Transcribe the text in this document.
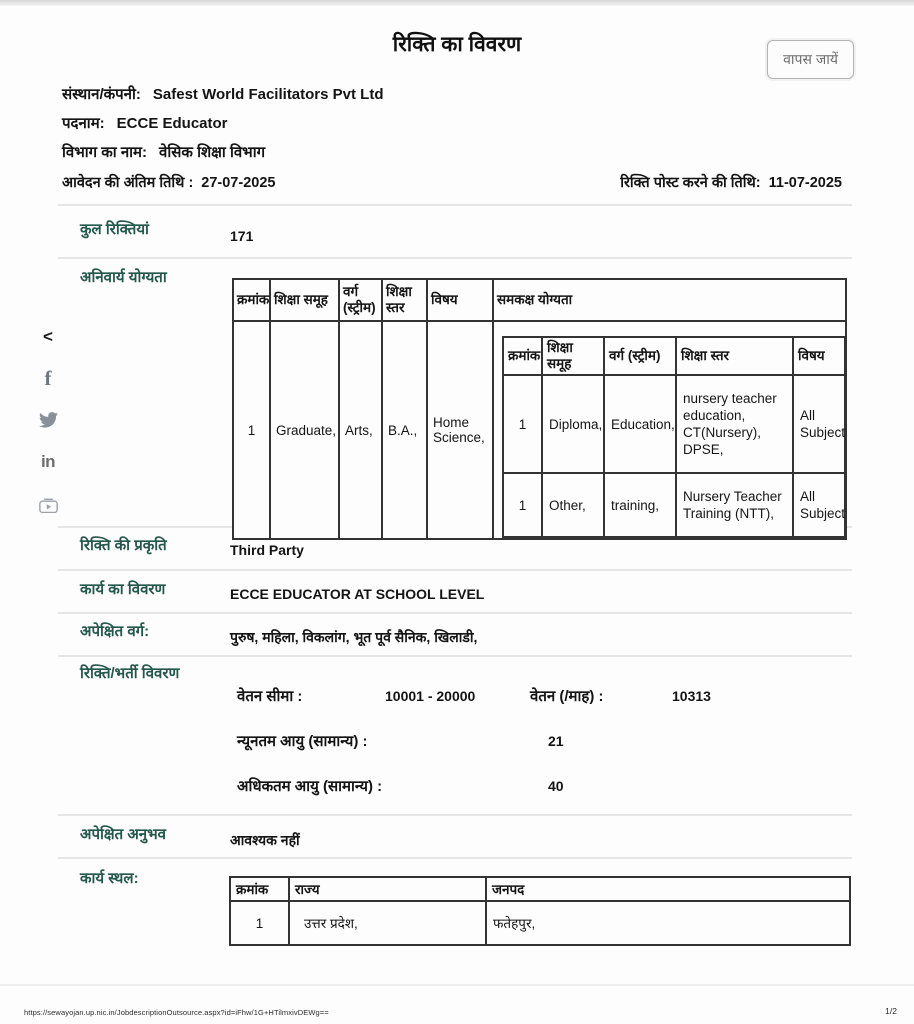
रिक्ति का विवरण
वापस जायें
संस्थान/कंपनी: Safest World Facilitators Pvt Ltd
पदनाम: ECCE Educator
विभाग का नाम: वेसिक शिक्षा विभाग
आवेदन की अंतिम तिथि : 27-07-2025	रिक्ति पोस्ट करने की तिथि: 11-07-2025
कुल रिक्तियां	171
अनिवार्य योग्यता
क्रमांक	शिक्षा समूह	वर्ग (स्ट्रीम)	शिक्षा स्तर	विषय	समकक्ष योग्यता
1	Graduate,	Arts,	B.A.,	Home Science,	
क्रमांक	शिक्षा समूह	वर्ग (स्ट्रीम)	शिक्षा स्तर	विषय
1	Diploma,	Education,	nursery teacher education, CT(Nursery), DPSE,	All Subject
1	Other,	training,	Nursery Teacher Training (NTT),	All Subject
रिक्ति की प्रकृति	Third Party
कार्य का विवरण	ECCE EDUCATOR AT SCHOOL LEVEL
अपेक्षित वर्ग:	पुरुष, महिला, विकलांग, भूत पूर्व सैनिक, खिलाडी,
रिक्ति/भर्ती विवरण
वेतन सीमा :	10001 - 20000	वेतन (/माह) :	10313
न्यूनतम आयु (सामान्य) :	21
अधिकतम आयु (सामान्य) :	40
अपेक्षित अनुभव	आवश्यक नहीं
कार्य स्थल:
क्रमांक	राज्य	जनपद
1	उत्तर प्रदेश,	फतेहपुर,
<
f
in
https://sewayojan.up.nic.in/JobdescriptionOutsource.aspx?id=iFhw/1G+HTilmxivDEWg==	1/2
